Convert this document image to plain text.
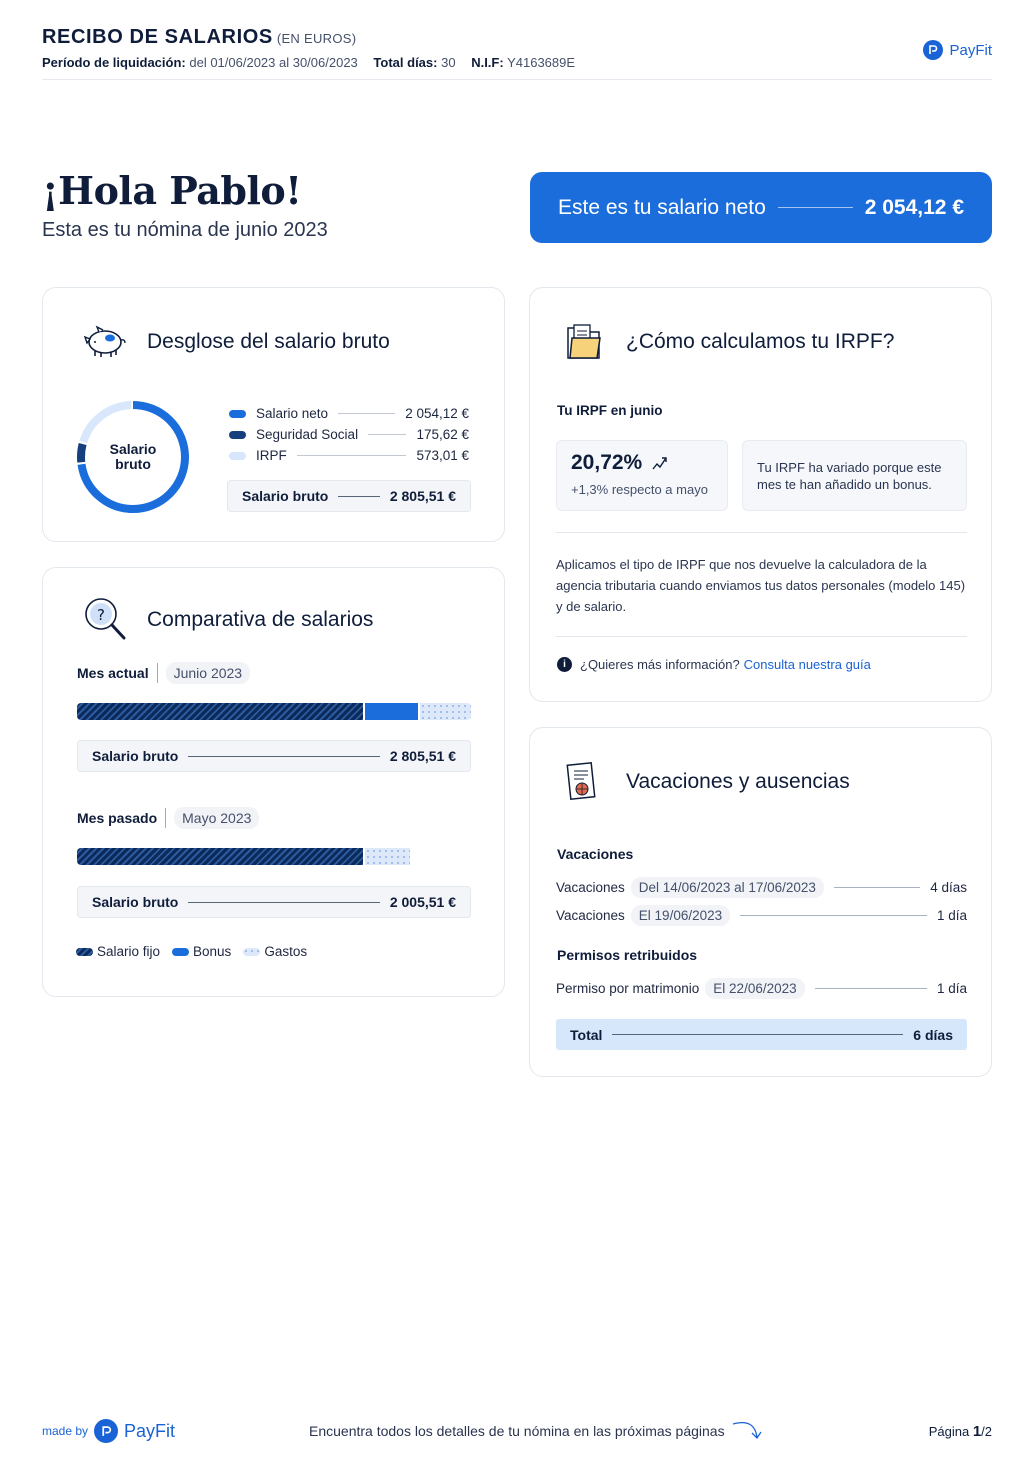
RECIBO DE SALARIOS (EN EUROS)
Período de liquidación: del 01/06/2023 al 30/06/2023 Total días: 30 N.I.F: Y4163689E
PayFit
¡Hola Pablo!
Esta es tu nómina de junio 2023
Este es tu salario neto	2 054,12 €
Desglose del salario bruto
Salario
bruto
Salario neto	2 054,12 €
Seguridad Social	175,62 €
IRPF	573,01 €
Salario bruto	2 805,51 €
? Comparativa de salarios
Mes actual	Junio 2023
Salario bruto	2 805,51 €
Mes pasado	Mayo 2023
Salario bruto	2 005,51 €
Salario fijo Bonus Gastos
¿Cómo calculamos tu IRPF?
Tu IRPF en junio
20,72%
+1,3% respecto a mayo
Tu IRPF ha variado porque este mes te han añadido un bonus.
Aplicamos el tipo de IRPF que nos devuelve la calculadora de la agencia tributaria cuando enviamos tus datos personales (modelo 145) y de salario.
i	¿Quieres más información? Consulta nuestra guía
Vacaciones y ausencias
Vacaciones
Vacaciones	Del 14/06/2023 al 17/06/2023	4 días
Vacaciones	El 19/06/2023	1 día
Permisos retribuidos
Permiso por matrimonio	El 22/06/2023	1 día
Total	6 días
made by PayFit	Encuentra todos los detalles de tu nómina en las próximas páginas	Página 1/2
